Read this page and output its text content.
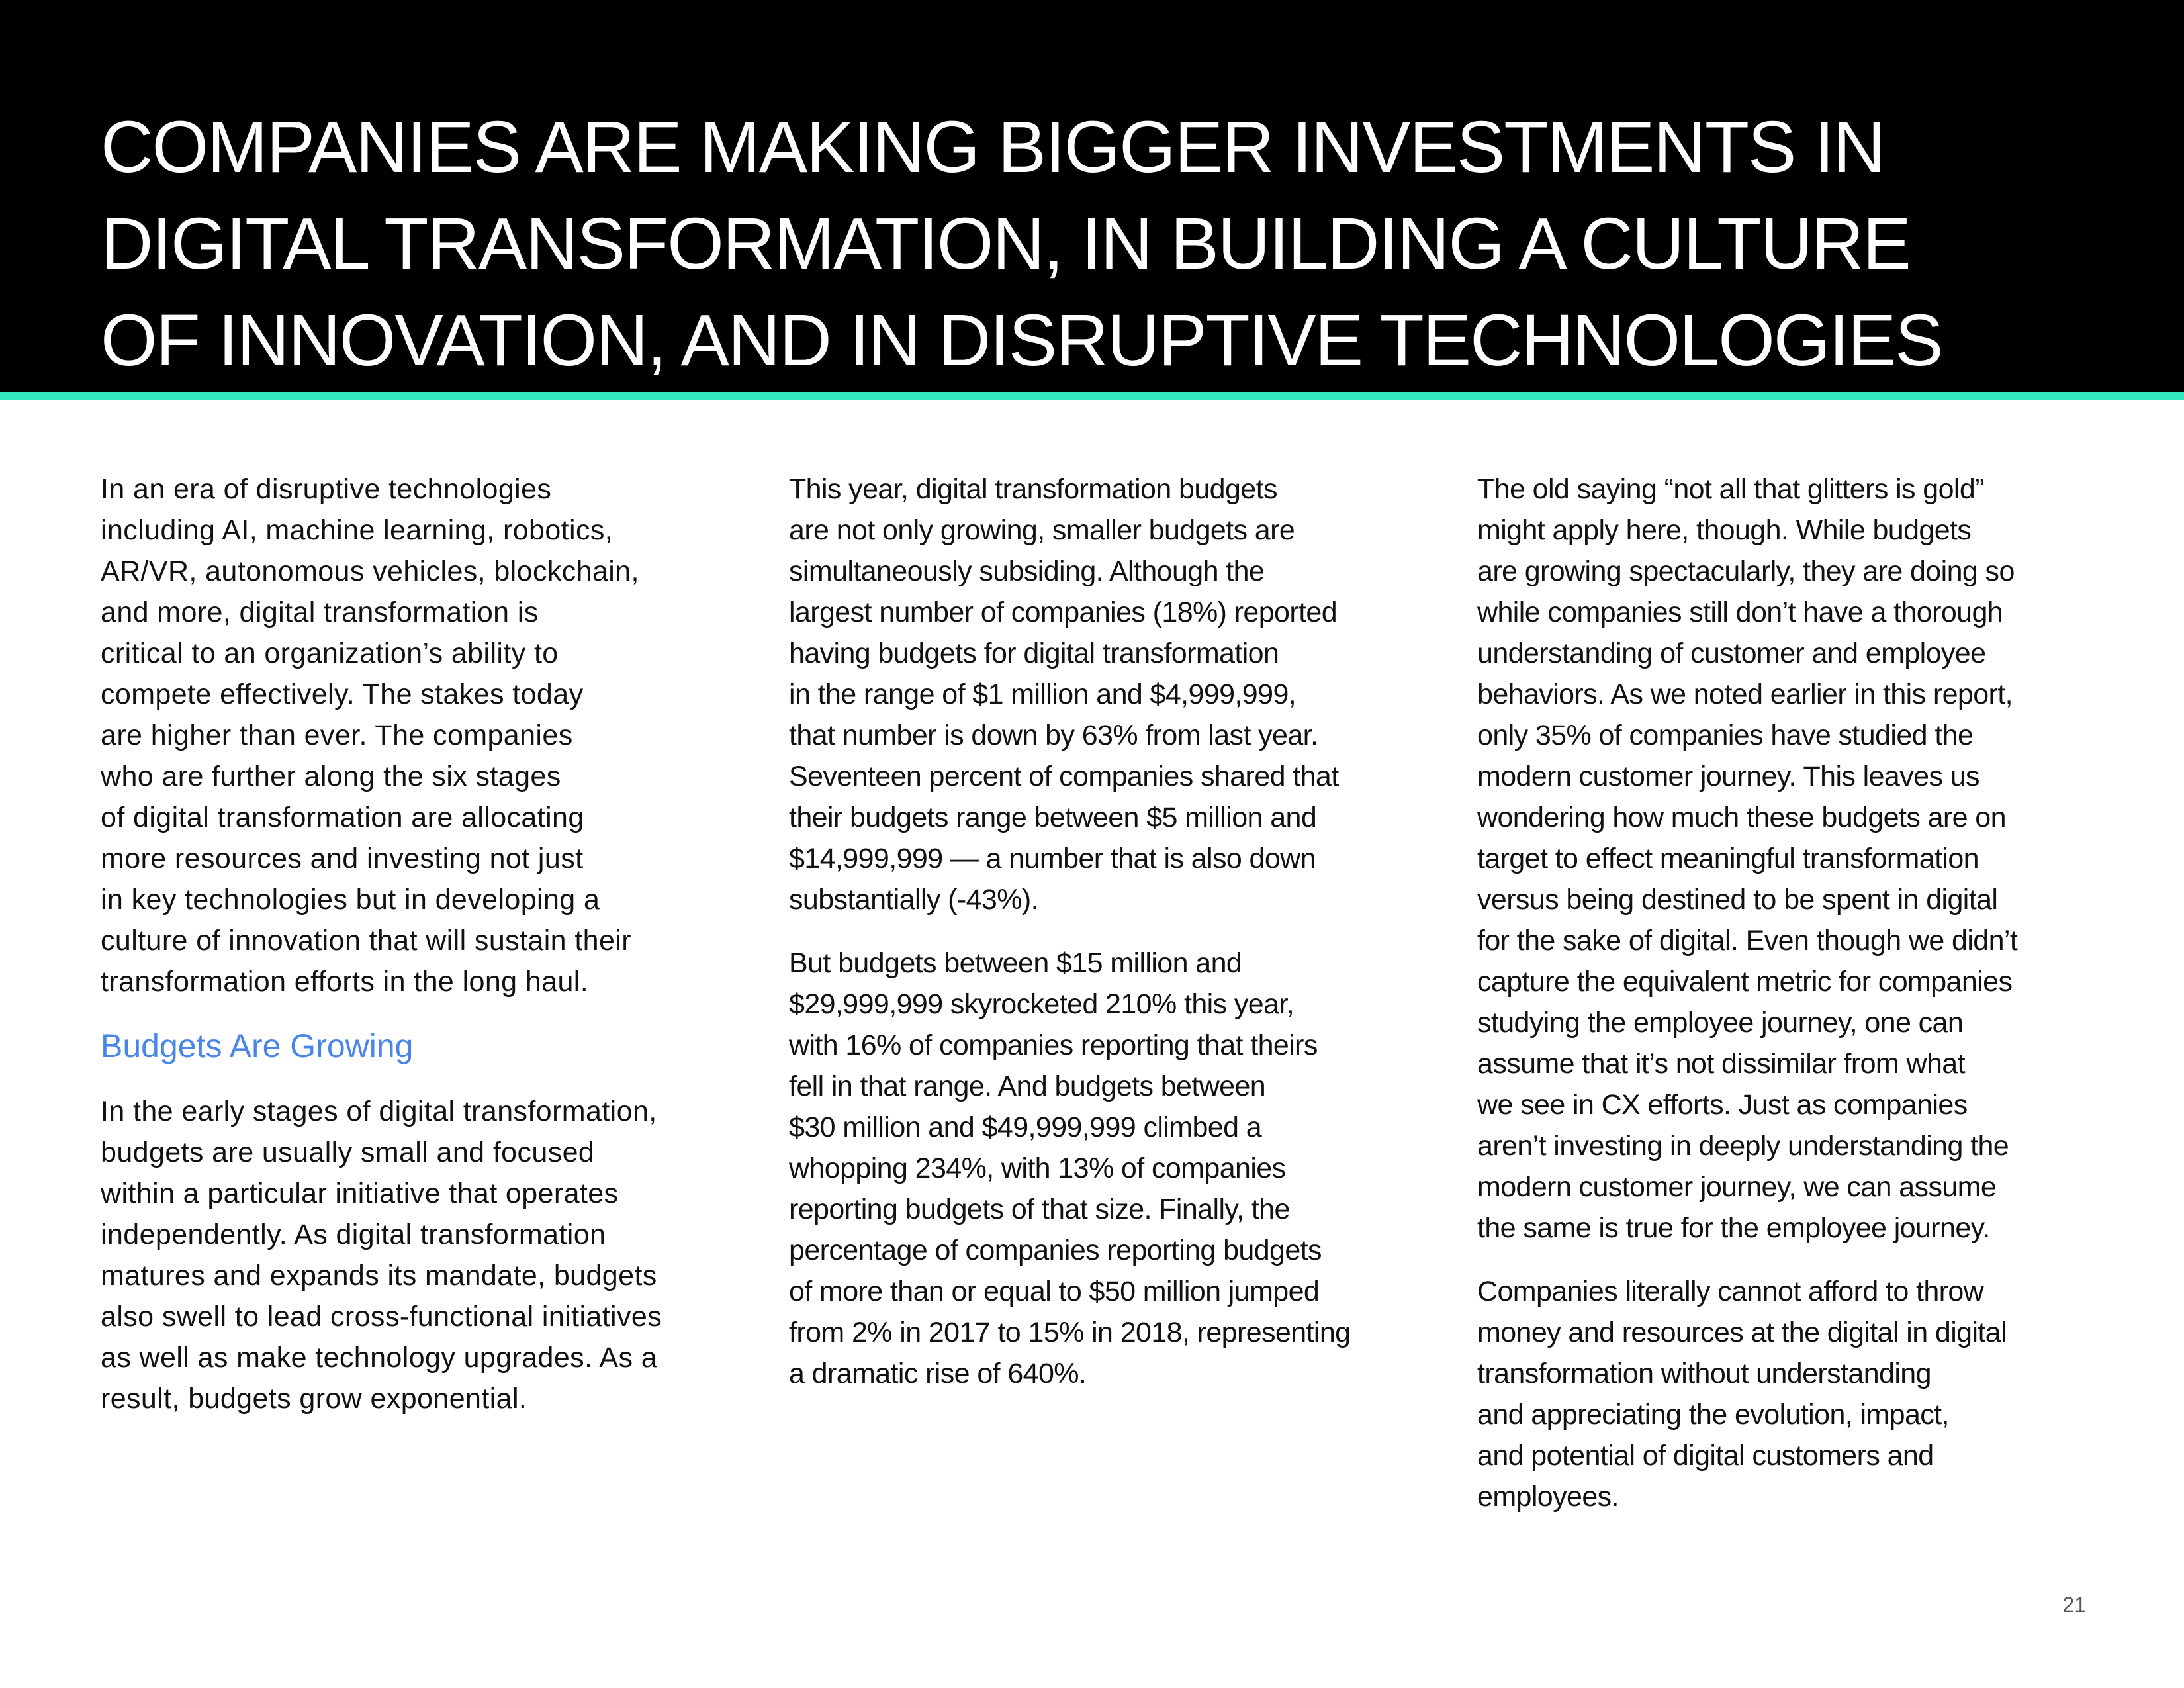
COMPANIES ARE MAKING BIGGER INVESTMENTS IN
DIGITAL TRANSFORMATION, IN BUILDING A CULTURE
OF INNOVATION, AND IN DISRUPTIVE TECHNOLOGIES

In an era of disruptive technologies
including AI, machine learning, robotics,
AR/VR, autonomous vehicles, blockchain,
and more, digital transformation is
critical to an organization’s ability to
compete effectively. The stakes today
are higher than ever. The companies
who are further along the six stages
of digital transformation are allocating
more resources and investing not just
in key technologies but in developing a
culture of innovation that will sustain their
transformation efforts in the long haul.

Budgets Are Growing

In the early stages of digital transformation,
budgets are usually small and focused
within a particular initiative that operates
independently. As digital transformation
matures and expands its mandate, budgets
also swell to lead cross-functional initiatives
as well as make technology upgrades. As a
result, budgets grow exponential.

This year, digital transformation budgets
are not only growing, smaller budgets are
simultaneously subsiding. Although the
largest number of companies (18%) reported
having budgets for digital transformation
in the range of $1 million and $4,999,999,
that number is down by 63% from last year.
Seventeen percent of companies shared that
their budgets range between $5 million and
$14,999,999 — a number that is also down
substantially (-43%).

But budgets between $15 million and
$29,999,999 skyrocketed 210% this year,
with 16% of companies reporting that theirs
fell in that range. And budgets between
$30 million and $49,999,999 climbed a
whopping 234%, with 13% of companies
reporting budgets of that size. Finally, the
percentage of companies reporting budgets
of more than or equal to $50 million jumped
from 2% in 2017 to 15% in 2018, representing
a dramatic rise of 640%.

The old saying “not all that glitters is gold”
might apply here, though. While budgets
are growing spectacularly, they are doing so
while companies still don’t have a thorough
understanding of customer and employee
behaviors. As we noted earlier in this report,
only 35% of companies have studied the
modern customer journey. This leaves us
wondering how much these budgets are on
target to effect meaningful transformation
versus being destined to be spent in digital
for the sake of digital. Even though we didn’t
capture the equivalent metric for companies
studying the employee journey, one can
assume that it’s not dissimilar from what
we see in CX efforts. Just as companies
aren’t investing in deeply understanding the
modern customer journey, we can assume
the same is true for the employee journey.

Companies literally cannot afford to throw
money and resources at the digital in digital
transformation without understanding
and appreciating the evolution, impact,
and potential of digital customers and
employees.

21
